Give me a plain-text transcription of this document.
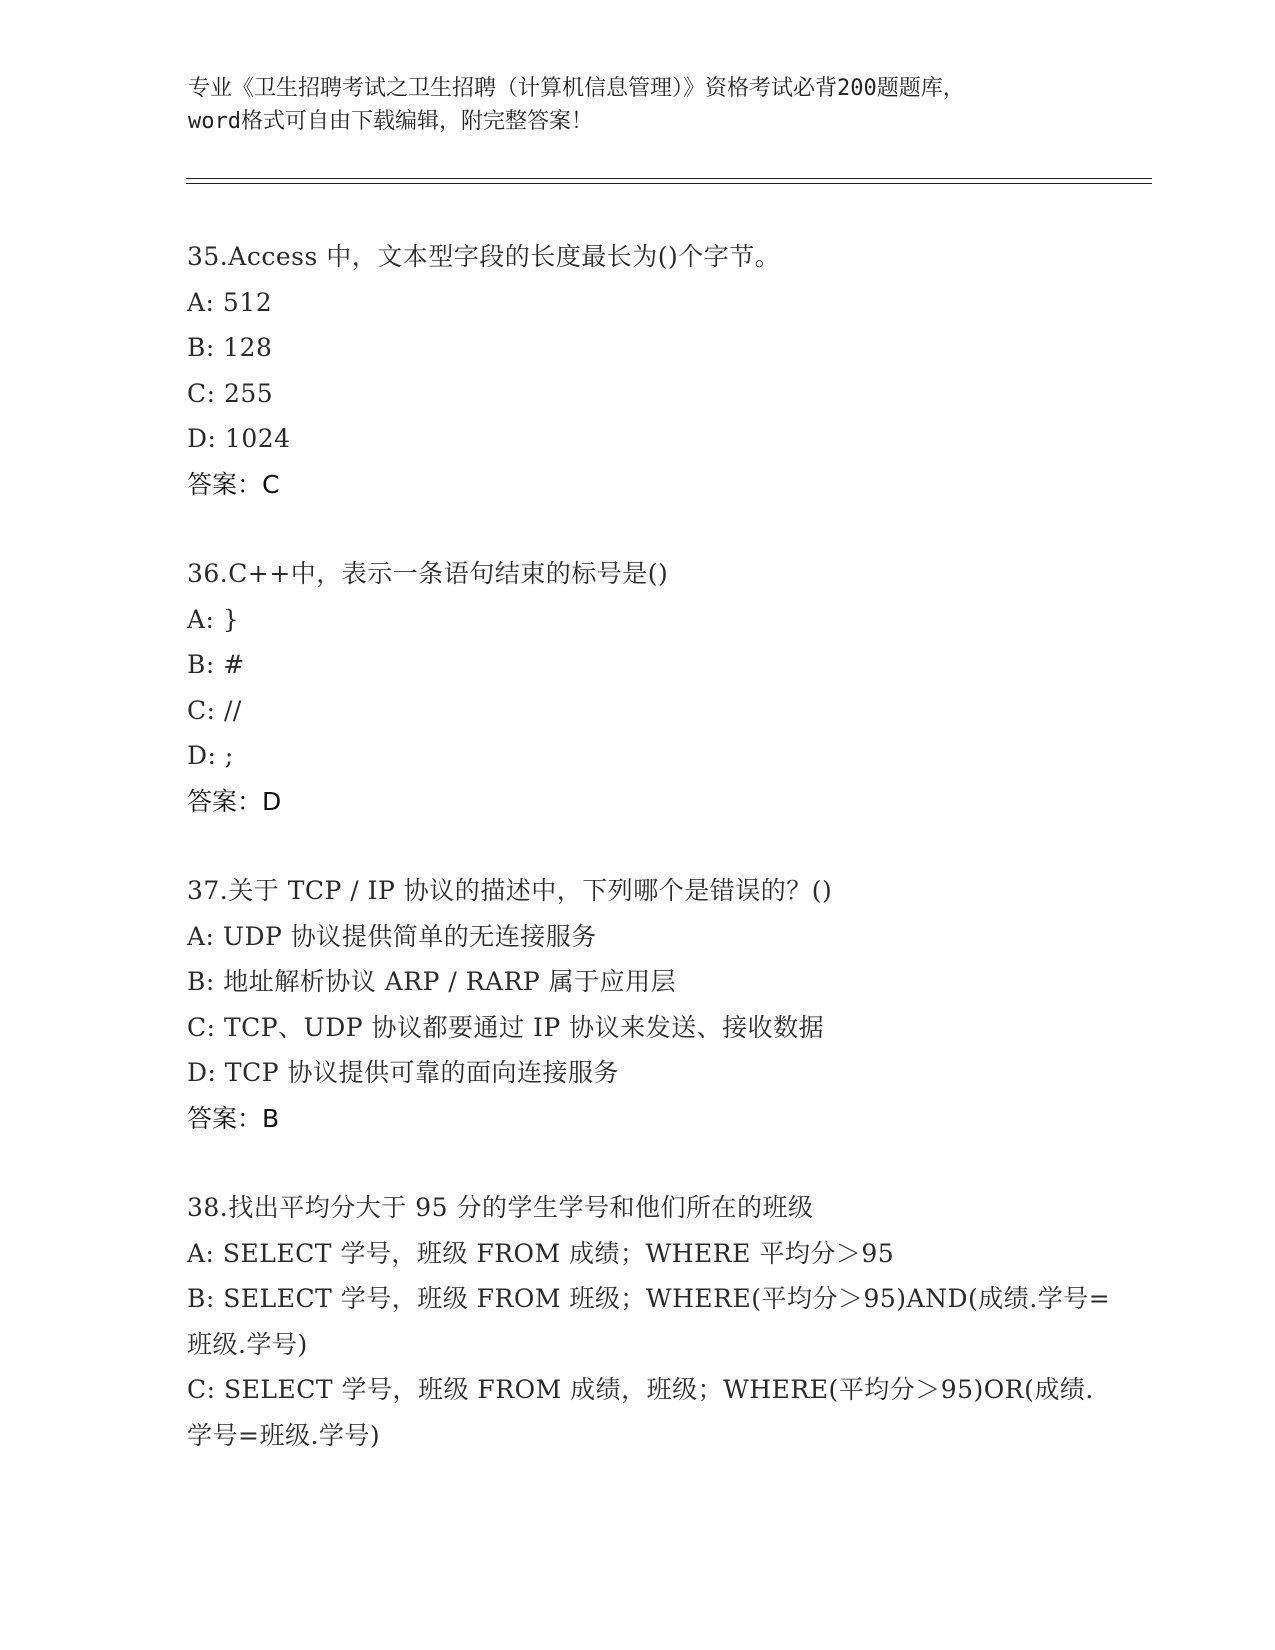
专业《卫生招聘考试之卫生招聘（计算机信息管理）》资格考试必背200题题库，
word格式可自由下载编辑，附完整答案！
35.Access 中，文本型字段的长度最长为()个字节。
A: 512
B: 128
C: 255
D: 1024
答案：C
36.C++中，表示一条语句结束的标号是()
A: }
B: #
C: //
D: ;
答案：D
37.关于 TCP / IP 协议的描述中，下列哪个是错误的？()
A: UDP 协议提供简单的无连接服务
B: 地址解析协议 ARP / RARP 属于应用层
C: TCP、UDP 协议都要通过 IP 协议来发送、接收数据
D: TCP 协议提供可靠的面向连接服务
答案：B
38.找出平均分大于 95 分的学生学号和他们所在的班级
A: SELECT 学号，班级 FROM 成绩；WHERE 平均分＞95
B: SELECT 学号，班级 FROM 班级；WHERE(平均分＞95)AND(成绩.学号=
班级.学号)
C: SELECT 学号，班级 FROM 成绩，班级；WHERE(平均分＞95)OR(成绩.
学号=班级.学号)
